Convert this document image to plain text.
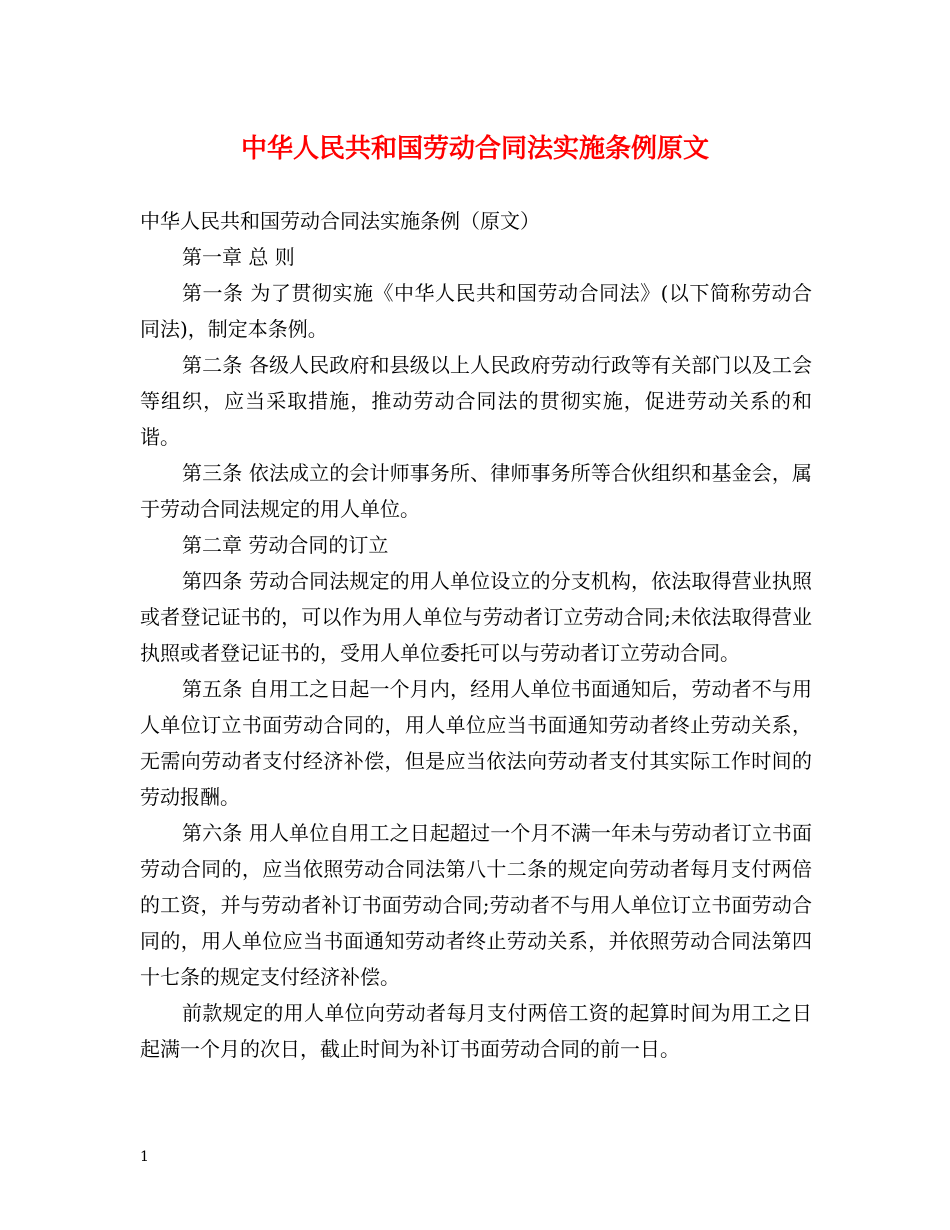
中华人民共和国劳动合同法实施条例原文

中华人民共和国劳动合同法实施条例（原文）

第一章 总 则

第一条 为了贯彻实施《中华人民共和国劳动合同法》(以下简称劳动合同法)，制定本条例。

第二条 各级人民政府和县级以上人民政府劳动行政等有关部门以及工会等组织，应当采取措施，推动劳动合同法的贯彻实施，促进劳动关系的和谐。

第三条 依法成立的会计师事务所、律师事务所等合伙组织和基金会，属于劳动合同法规定的用人单位。

第二章 劳动合同的订立

第四条 劳动合同法规定的用人单位设立的分支机构，依法取得营业执照或者登记证书的，可以作为用人单位与劳动者订立劳动合同;未依法取得营业执照或者登记证书的，受用人单位委托可以与劳动者订立劳动合同。

第五条 自用工之日起一个月内，经用人单位书面通知后，劳动者不与用人单位订立书面劳动合同的，用人单位应当书面通知劳动者终止劳动关系，无需向劳动者支付经济补偿，但是应当依法向劳动者支付其实际工作时间的劳动报酬。

第六条 用人单位自用工之日起超过一个月不满一年未与劳动者订立书面劳动合同的，应当依照劳动合同法第八十二条的规定向劳动者每月支付两倍的工资，并与劳动者补订书面劳动合同;劳动者不与用人单位订立书面劳动合同的，用人单位应当书面通知劳动者终止劳动关系，并依照劳动合同法第四十七条的规定支付经济补偿。

前款规定的用人单位向劳动者每月支付两倍工资的起算时间为用工之日起满一个月的次日，截止时间为补订书面劳动合同的前一日。

1
